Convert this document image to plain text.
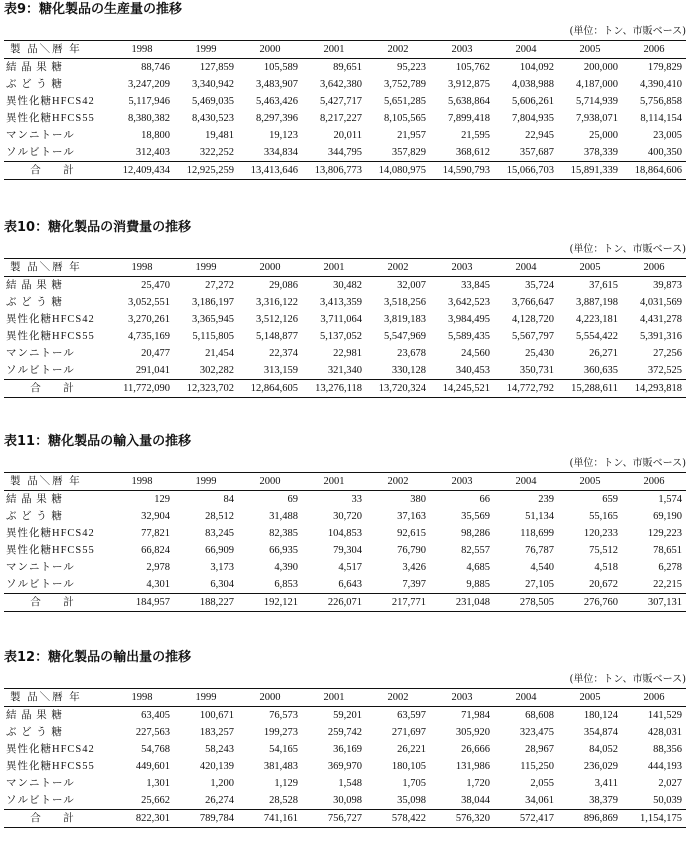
表9：糖化製品の生産量の推移
(単位：トン、市販ベース)
製 品＼暦 年	1998	1999	2000	2001	2002	2003	2004	2005	2006
結 晶 果 糖	88,746	127,859	105,589	89,651	95,223	105,762	104,092	200,000	179,829
ぶ ど う 糖	3,247,209	3,340,942	3,483,907	3,642,380	3,752,789	3,912,875	4,038,988	4,187,000	4,390,410
異性化糖HFCS42	5,117,946	5,469,035	5,463,426	5,427,717	5,651,285	5,638,864	5,606,261	5,714,939	5,756,858
異性化糖HFCS55	8,380,382	8,430,523	8,297,396	8,217,227	8,105,565	7,899,418	7,804,935	7,938,071	8,114,154
マンニトール	18,800	19,481	19,123	20,011	21,957	21,595	22,945	25,000	23,005
ソルビトール	312,403	322,252	334,834	344,795	357,829	368,612	357,687	378,339	400,350
合 計	12,409,434	12,925,259	13,413,646	13,806,773	14,080,975	14,590,793	15,066,703	15,891,339	18,864,606
表10：糖化製品の消費量の推移
(単位：トン、市販ベース)
製 品＼暦 年	1998	1999	2000	2001	2002	2003	2004	2005	2006
結 晶 果 糖	25,470	27,272	29,086	30,482	32,007	33,845	35,724	37,615	39,873
ぶ ど う 糖	3,052,551	3,186,197	3,316,122	3,413,359	3,518,256	3,642,523	3,766,647	3,887,198	4,031,569
異性化糖HFCS42	3,270,261	3,365,945	3,512,126	3,711,064	3,819,183	3,984,495	4,128,720	4,223,181	4,431,278
異性化糖HFCS55	4,735,169	5,115,805	5,148,877	5,137,052	5,547,969	5,589,435	5,567,797	5,554,422	5,391,316
マンニトール	20,477	21,454	22,374	22,981	23,678	24,560	25,430	26,271	27,256
ソルビトール	291,041	302,282	313,159	321,340	330,128	340,453	350,731	360,635	372,525
合 計	11,772,090	12,323,702	12,864,605	13,276,118	13,720,324	14,245,521	14,772,792	15,288,611	14,293,818
表11：糖化製品の輸入量の推移
(単位：トン、市販ベース)
製 品＼暦 年	1998	1999	2000	2001	2002	2003	2004	2005	2006
結 晶 果 糖	129	84	69	33	380	66	239	659	1,574
ぶ ど う 糖	32,904	28,512	31,488	30,720	37,163	35,569	51,134	55,165	69,190
異性化糖HFCS42	77,821	83,245	82,385	104,853	92,615	98,286	118,699	120,233	129,223
異性化糖HFCS55	66,824	66,909	66,935	79,304	76,790	82,557	76,787	75,512	78,651
マンニトール	2,978	3,173	4,390	4,517	3,426	4,685	4,540	4,518	6,278
ソルビトール	4,301	6,304	6,853	6,643	7,397	9,885	27,105	20,672	22,215
合 計	184,957	188,227	192,121	226,071	217,771	231,048	278,505	276,760	307,131
表12：糖化製品の輸出量の推移
(単位：トン、市販ベース)
製 品＼暦 年	1998	1999	2000	2001	2002	2003	2004	2005	2006
結 晶 果 糖	63,405	100,671	76,573	59,201	63,597	71,984	68,608	180,124	141,529
ぶ ど う 糖	227,563	183,257	199,273	259,742	271,697	305,920	323,475	354,874	428,031
異性化糖HFCS42	54,768	58,243	54,165	36,169	26,221	26,666	28,967	84,052	88,356
異性化糖HFCS55	449,601	420,139	381,483	369,970	180,105	131,986	115,250	236,029	444,193
マンニトール	1,301	1,200	1,129	1,548	1,705	1,720	2,055	3,411	2,027
ソルビトール	25,662	26,274	28,528	30,098	35,098	38,044	34,061	38,379	50,039
合 計	822,301	789,784	741,161	756,727	578,422	576,320	572,417	896,869	1,154,175
